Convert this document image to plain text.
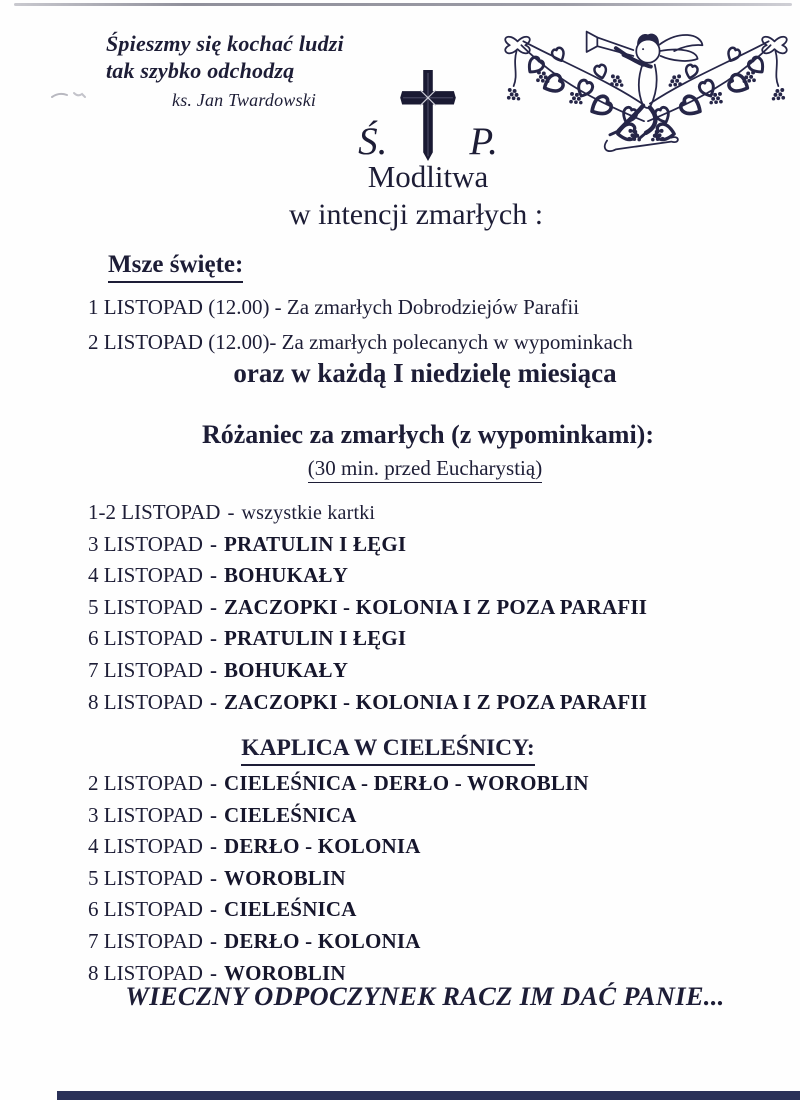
Śpieszmy się kochać ludzi
tak szybko odchodzą
ks. Jan Twardowski
Ś. P.
Modlitwa
w intencji zmarłych :
Msze święte:
1 LISTOPAD (12.00) - Za zmarłych Dobrodziejów Parafii
2 LISTOPAD (12.00)- Za zmarłych polecanych w wypominkach
oraz w każdą I niedzielę miesiąca
Różaniec za zmarłych (z wypominkami):
(30 min. przed Eucharystią)
1-2 LISTOPAD - wszystkie kartki
3 LISTOPAD - PRATULIN I ŁĘGI
4 LISTOPAD - BOHUKAŁY
5 LISTOPAD - ZACZOPKI - KOLONIA I Z POZA PARAFII
6 LISTOPAD - PRATULIN I ŁĘGI
7 LISTOPAD - BOHUKAŁY
8 LISTOPAD - ZACZOPKI - KOLONIA I Z POZA PARAFII
KAPLICA W CIELEŚNICY:
2 LISTOPAD - CIELEŚNICA - DERŁO - WOROBLIN
3 LISTOPAD - CIELEŚNICA
4 LISTOPAD - DERŁO - KOLONIA
5 LISTOPAD - WOROBLIN
6 LISTOPAD - CIELEŚNICA
7 LISTOPAD - DERŁO - KOLONIA
8 LISTOPAD - WOROBLIN
WIECZNY ODPOCZYNEK RACZ IM DAĆ PANIE...
